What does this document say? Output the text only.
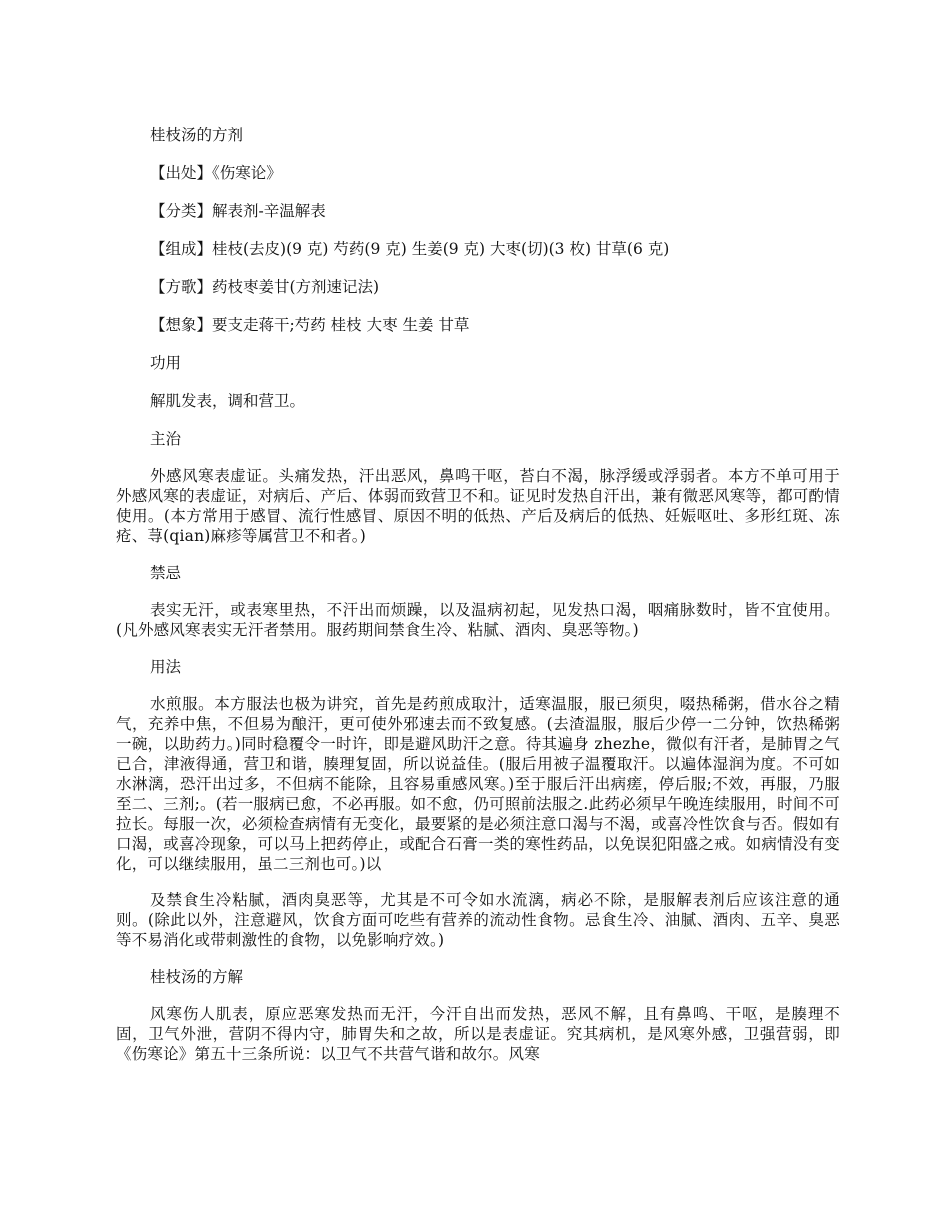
桂枝汤的方剂
【出处】《伤寒论》
【分类】解表剂-辛温解表
【组成】桂枝(去皮)(9 克) 芍药(9 克) 生姜(9 克) 大枣(切)(3 枚) 甘草(6 克)
【方歌】药枝枣姜甘(方剂速记法)
【想象】要支走蒋干;芍药 桂枝 大枣 生姜 甘草
功用
解肌发表，调和营卫。
主治

外感风寒表虚证。头痛发热，汗出恶风，鼻鸣干呕，苔白不渴，脉浮缓或浮弱者。本方不单可用于外感风寒的表虚证，对病后、产后、体弱而致营卫不和。证见时发热自汗出，兼有微恶风寒等，都可酌情使用。(本方常用于感冒、流行性感冒、原因不明的低热、产后及病后的低热、妊娠呕吐、多形红斑、冻疮、荨(qian)麻疹等属营卫不和者。)

禁忌

表实无汗，或表寒里热，不汗出而烦躁，以及温病初起，见发热口渴，咽痛脉数时，皆不宜使用。(凡外感风寒表实无汗者禁用。服药期间禁食生冷、粘腻、酒肉、臭恶等物。)

用法

水煎服。本方服法也极为讲究，首先是药煎成取汁，适寒温服，服已须臾，啜热稀粥，借水谷之精气，充养中焦，不但易为酿汗，更可使外邪速去而不致复感。(去渣温服，服后少停一二分钟，饮热稀粥一碗，以助药力。)同时稳覆令一时许，即是避风助汗之意。待其遍身 zhezhe，微似有汗者，是肺胃之气已合，津液得通，营卫和谐，腠理复固，所以说益佳。(服后用被子温覆取汗。以遍体湿润为度。不可如水淋漓，恐汗出过多，不但病不能除，且容易重感风寒。)至于服后汗出病瘥，停后服;不效，再服，乃服至二、三剂;。(若一服病已愈，不必再服。如不愈，仍可照前法服之.此药必须早午晚连续服用，时间不可拉长。每服一次，必须检查病情有无变化，最要紧的是必须注意口渴与不渴，或喜冷性饮食与否。假如有口渴，或喜冷现象，可以马上把药停止，或配合石膏一类的寒性药品，以免误犯阳盛之戒。如病情没有变化，可以继续服用，虽二三剂也可。)以

及禁食生冷粘腻，酒肉臭恶等，尤其是不可令如水流漓，病必不除，是服解表剂后应该注意的通则。(除此以外，注意避风，饮食方面可吃些有营养的流动性食物。忌食生冷、油腻、酒肉、五辛、臭恶等不易消化或带刺激性的食物，以免影响疗效。)

桂枝汤的方解

风寒伤人肌表，原应恶寒发热而无汗，今汗自出而发热，恶风不解，且有鼻鸣、干呕，是腠理不固，卫气外泄，营阴不得内守，肺胃失和之故，所以是表虚证。究其病机，是风寒外感，卫强营弱，即《伤寒论》第五十三条所说：以卫气不共营气谐和故尔。风寒
